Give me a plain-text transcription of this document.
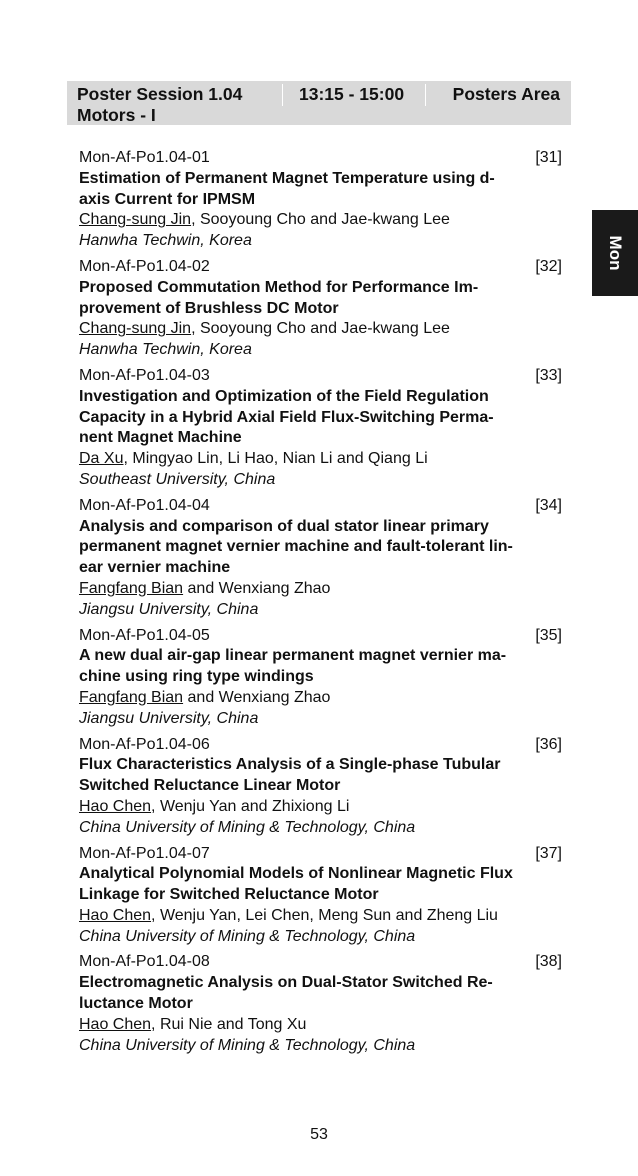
Poster Session 1.04	13:15 - 15:00	Posters Area
Motors - I
Mon
Mon-Af-Po1.04-01	[31]
Estimation of Permanent Magnet Temperature using d-
axis Current for IPMSM
Chang-sung Jin, Sooyoung Cho and Jae-kwang Lee
Hanwha Techwin, Korea
Mon-Af-Po1.04-02	[32]
Proposed Commutation Method for Performance Im-
provement of Brushless DC Motor
Chang-sung Jin, Sooyoung Cho and Jae-kwang Lee
Hanwha Techwin, Korea
Mon-Af-Po1.04-03	[33]
Investigation and Optimization of the Field Regulation
Capacity in a Hybrid Axial Field Flux-Switching Perma-
nent Magnet Machine
Da Xu, Mingyao Lin, Li Hao, Nian Li and Qiang Li
Southeast University, China
Mon-Af-Po1.04-04	[34]
Analysis and comparison of dual stator linear primary
permanent magnet vernier machine and fault-tolerant lin-
ear vernier machine
Fangfang Bian and Wenxiang Zhao
Jiangsu University, China
Mon-Af-Po1.04-05	[35]
A new dual air-gap linear permanent magnet vernier ma-
chine using ring type windings
Fangfang Bian and Wenxiang Zhao
Jiangsu University, China
Mon-Af-Po1.04-06	[36]
Flux Characteristics Analysis of a Single-phase Tubular
Switched Reluctance Linear Motor
Hao Chen, Wenju Yan and Zhixiong Li
China University of Mining & Technology, China
Mon-Af-Po1.04-07	[37]
Analytical Polynomial Models of Nonlinear Magnetic Flux
Linkage for Switched Reluctance Motor
Hao Chen, Wenju Yan, Lei Chen, Meng Sun and Zheng Liu
China University of Mining & Technology, China
Mon-Af-Po1.04-08	[38]
Electromagnetic Analysis on Dual-Stator Switched Re-
luctance Motor
Hao Chen, Rui Nie and Tong Xu
China University of Mining & Technology, China
53
